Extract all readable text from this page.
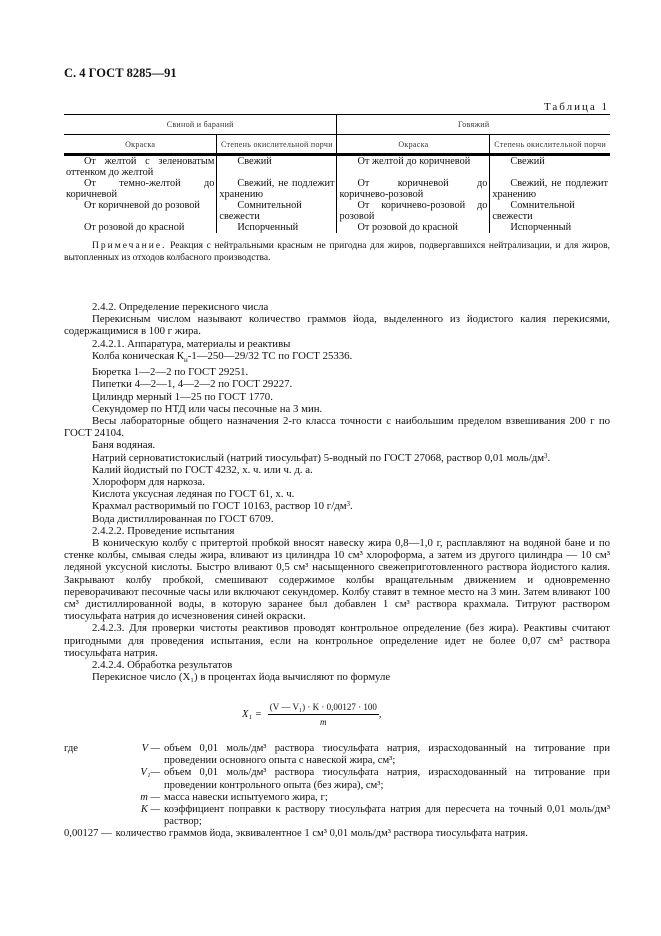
С. 4 ГОСТ 8285—91
Таблица 1
Свиной и бараний		Говяжий	
Окраска	Степень окислительной порчи	Окраска	Степень окислительной порчи
От желтой с зеленоватым оттенком до желтой	Свежий	От желтой до коричневой	Свежий
От темно-желтой до коричневой	Свежий, не подлежит хранению	От коричневой до коричнево-розовой	Свежий, не подлежит хранению
От коричневой до розовой	Сомнительной свежести	От коричнево-розовой до розовой	Сомнительной свежести
От розовой до красной	Испорченный	От розовой до красной	Испорченный
Примечание. Реакция с нейтральными красным не пригодна для жиров, подвергавшихся нейтрализации, и для жиров, вытопленных из отходов колбасного производства.

2.4.2. Определение перекисного числа

Перекисным числом называют количество граммов йода, выделенного из йодистого калия перекисями, содержащимися в 100 г жира.

2.4.2.1. Аппаратура, материалы и реактивы

Колба коническая $К_н-1—250—29/32$ ТС по ГОСТ 25336.

Бюретка 1—2—2 по ГОСТ 29251.

Пипетки 4—2—1, 4—2—2 по ГОСТ 29227.

Цилиндр мерный 1—25 по ГОСТ 1770.

Секундомер по НТД или часы песочные на 3 мин.

Весы лабораторные общего назначения 2-го класса точности с наибольшим пределом взвешивания 200 г по ГОСТ 24104.

Баня водяная.

Натрий серноватистокислый (натрий тиосульфат) 5-водный по ГОСТ 27068, раствор 0,01 моль/$дм^3$.

Калий йодистый по ГОСТ 4232, х. ч. или ч. д. а.

Хлороформ для наркоза.

Кислота уксусная ледяная по ГОСТ 61, х. ч.

Крахмал растворимый по ГОСТ 10163, раствор 10 $г/дм^3$.

Вода дистиллированная по ГОСТ 6709.

2.4.2.2. Проведение испытания

В коническую колбу с притертой пробкой вносят навеску жира 0,8—1,0 г, расплавляют на водяной бане и по стенке колбы, смывая следы жира, вливают из цилиндра 10 см³ хлороформа, а затем из другого цилиндра — 10 см³ ледяной уксусной кислоты. Быстро вливают 0,5 см³ насыщенного свежеприготовленного раствора йодистого калия. Закрывают колбу пробкой, смешивают содержимое колбы вращательным движением и одновременно переворачивают песочные часы или включают секундомер. Колбу ставят в темное место на 3 мин. Затем вливают 100 см³ дистиллированной воды, в которую заранее был добавлен 1 см³ раствора крахмала. Титруют раствором тиосульфата натрия до исчезновения синей окраски.

2.4.2.3. Для проверки чистоты реактивов проводят контрольное определение (без жира). Реактивы считают пригодными для проведения испытания, если на контрольное определение идет не более 0,07 см³ раствора тиосульфата натрия.

2.4.2.4. Обработка результатов

Перекисное число (X₁) в процентах йода вычисляют по формуле

$X_1 = \frac{\text{(V — V₁) · K · 0,00127 · 100}}{m}$ ,
где	V — объем 0,01 моль/дм³ раствора тиосульфата натрия, израсходованный на титрование при проведении основного опыта с навеской жира, см³;
V₁— объем 0,01 моль/дм³ раствора тиосульфата натрия, израсходованный на титрование при проведении контрольного опыта (без жира), см³;
m — масса навески испытуемого жира, г;
K — коэффициент поправки к раствору тиосульфата натрия для пересчета на точный 0,01 моль/дм³ раствор;
0,00127 — количество граммов йода, эквивалентное 1 см³ 0,01 моль/дм³ раствора тиосульфата натрия.
